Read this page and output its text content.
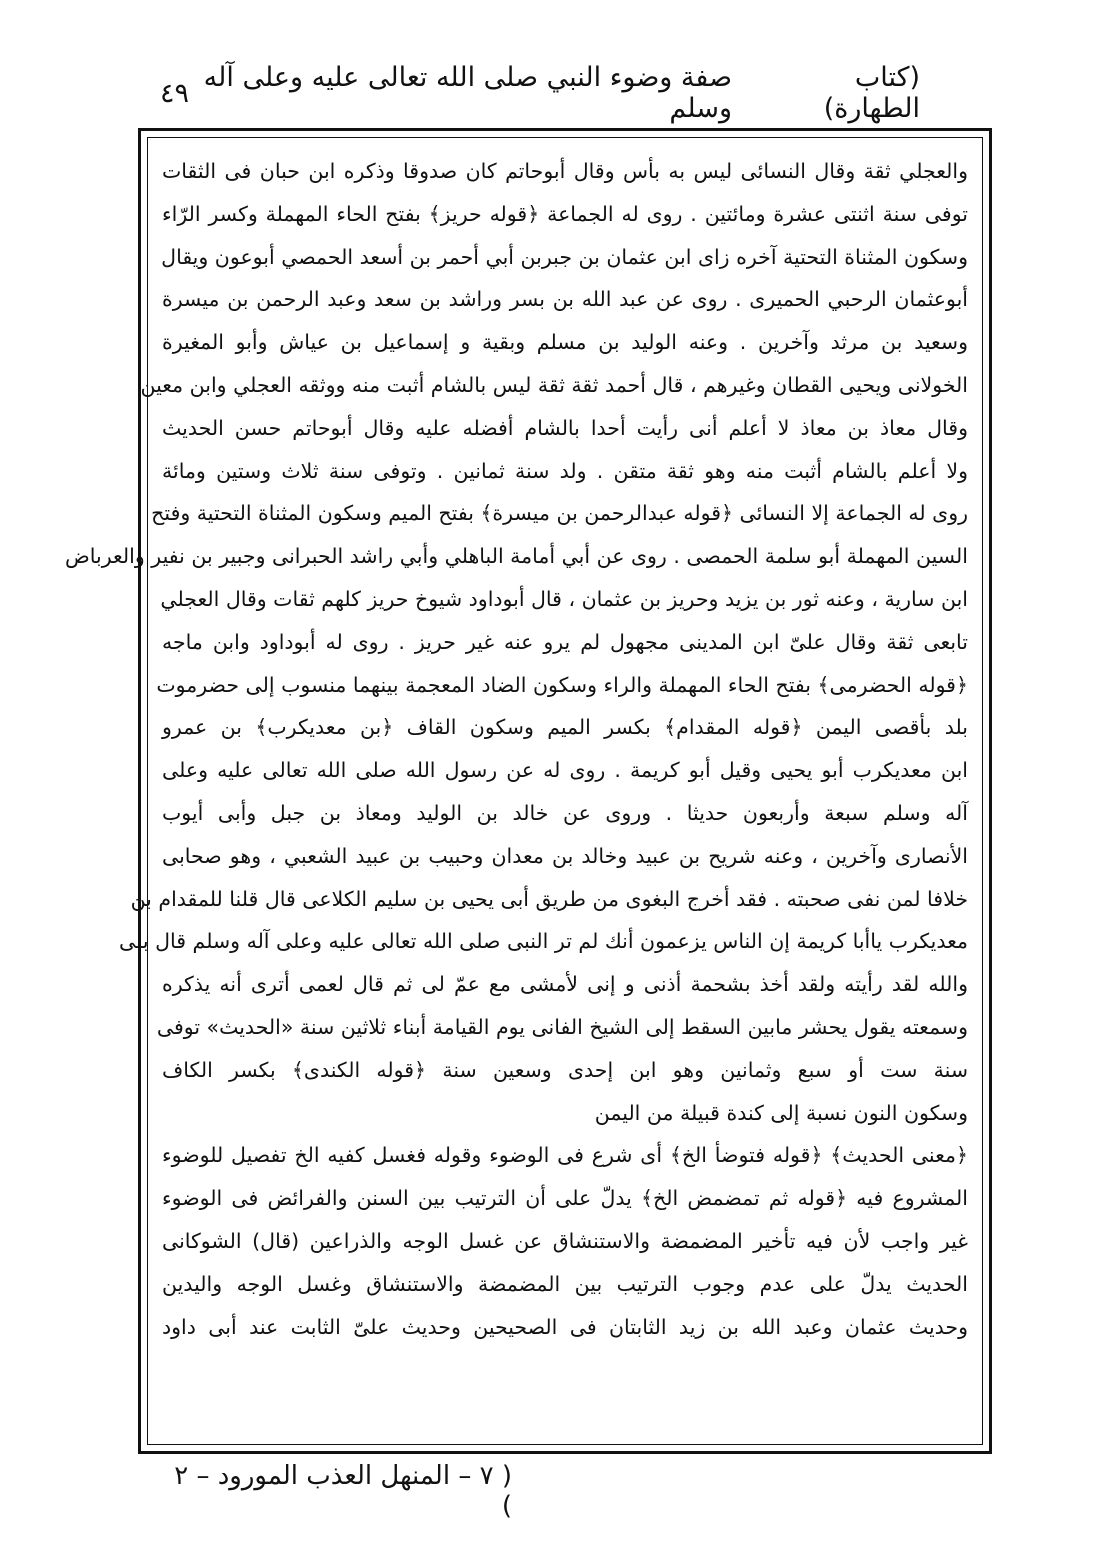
(كتاب الطهارة)
صفة وضوء النبي صلى الله تعالى عليه وعلى آله وسلم
٤٩
والعجلي ثقة وقال النسائى ليس به بأس وقال أبوحاتم كان صدوقا وذكره ابن حبان فى الثقات
توفى سنة اثنتى عشرة ومائتين . روى له الجماعة ﴿قوله حريز﴾ بفتح الحاء المهملة وكسر الرّاء
وسكون المثناة التحتية آخره زاى ابن عثمان بن جبربن أبي أحمر بن أسعد الحمصي أبوعون ويقال
أبوعثمان الرحبي الحميرى . روى عن عبد الله بن بسر وراشد بن سعد وعبد الرحمن بن ميسرة
وسعيد بن مرثد وآخرين . وعنه الوليد بن مسلم وبقية و إسماعيل بن عياش وأبو المغيرة
الخولانى ويحيى القطان وغيرهم ، قال أحمد ثقة ثقة ليس بالشام أثبت منه ووثقه العجلي وابن معين
وقال معاذ بن معاذ لا أعلم أنى رأيت أحدا بالشام أفضله عليه وقال أبوحاتم حسن الحديث
ولا أعلم بالشام أثبت منه وهو ثقة متقن . ولد سنة ثمانين . وتوفى سنة ثلاث وستين ومائة
روى له الجماعة إلا النسائى ﴿قوله عبدالرحمن بن ميسرة﴾ بفتح الميم وسكون المثناة التحتية وفتح
السين المهملة أبو سلمة الحمصى . روى عن أبي أمامة الباهلي وأبي راشد الحبرانى وجبير بن نفير والعرباض
ابن سارية ، وعنه ثور بن يزيد وحريز بن عثمان ، قال أبوداود شيوخ حريز كلهم ثقات وقال العجلي
تابعى ثقة وقال علىّ ابن المدينى مجهول لم يرو عنه غير حريز . روى له أبوداود وابن ماجه
﴿قوله الحضرمى﴾ بفتح الحاء المهملة والراء وسكون الضاد المعجمة بينهما منسوب إلى حضرموت
بلد بأقصى اليمن ﴿قوله المقدام﴾ بكسر الميم وسكون القاف ﴿بن معديكرب﴾ بن عمرو
ابن معديكرب أبو يحيى وقيل أبو كريمة . روى له عن رسول الله صلى الله تعالى عليه وعلى
آله وسلم سبعة وأربعون حديثا . وروى عن خالد بن الوليد ومعاذ بن جبل وأبى أيوب
الأنصارى وآخرين ، وعنه شريح بن عبيد وخالد بن معدان وحبيب بن عبيد الشعبي ، وهو صحابى
خلافا لمن نفى صحبته . فقد أخرج البغوى من طريق أبى يحيى بن سليم الكلاعى قال قلنا للمقدام بن
معديكرب ياأبا كريمة إن الناس يزعمون أنك لم تر النبى صلى الله تعالى عليه وعلى آله وسلم قال بلى
والله لقد رأيته ولقد أخذ بشحمة أذنى و إنى لأمشى مع عمّ لى ثم قال لعمى أترى أنه يذكره
وسمعته يقول يحشر مابين السقط إلى الشيخ الفانى يوم القيامة أبناء ثلاثين سنة «الحديث» توفى
سنة ست أو سبع وثمانين وهو ابن إحدى وسعين سنة ﴿قوله الكندى﴾ بكسر الكاف
وسكون النون نسبة إلى كندة قبيلة من اليمن
﴿معنى الحديث﴾ ﴿قوله فتوضأ الخ﴾ أى شرع فى الوضوء وقوله فغسل كفيه الخ تفصيل للوضوء
المشروع فيه ﴿قوله ثم تمضمض الخ﴾ يدلّ على أن الترتيب بين السنن والفرائض فى الوضوء
غير واجب لأن فيه تأخير المضمضة والاستنشاق عن غسل الوجه والذراعين (قال) الشوكانى
الحديث يدلّ على عدم وجوب الترتيب بين المضمضة والاستنشاق وغسل الوجه واليدين
وحديث عثمان وعبد الله بن زيد الثابتان فى الصحيحين وحديث علىّ الثابت عند أبى داود
( ٧ – المنهل العذب المورود – ٢ )
